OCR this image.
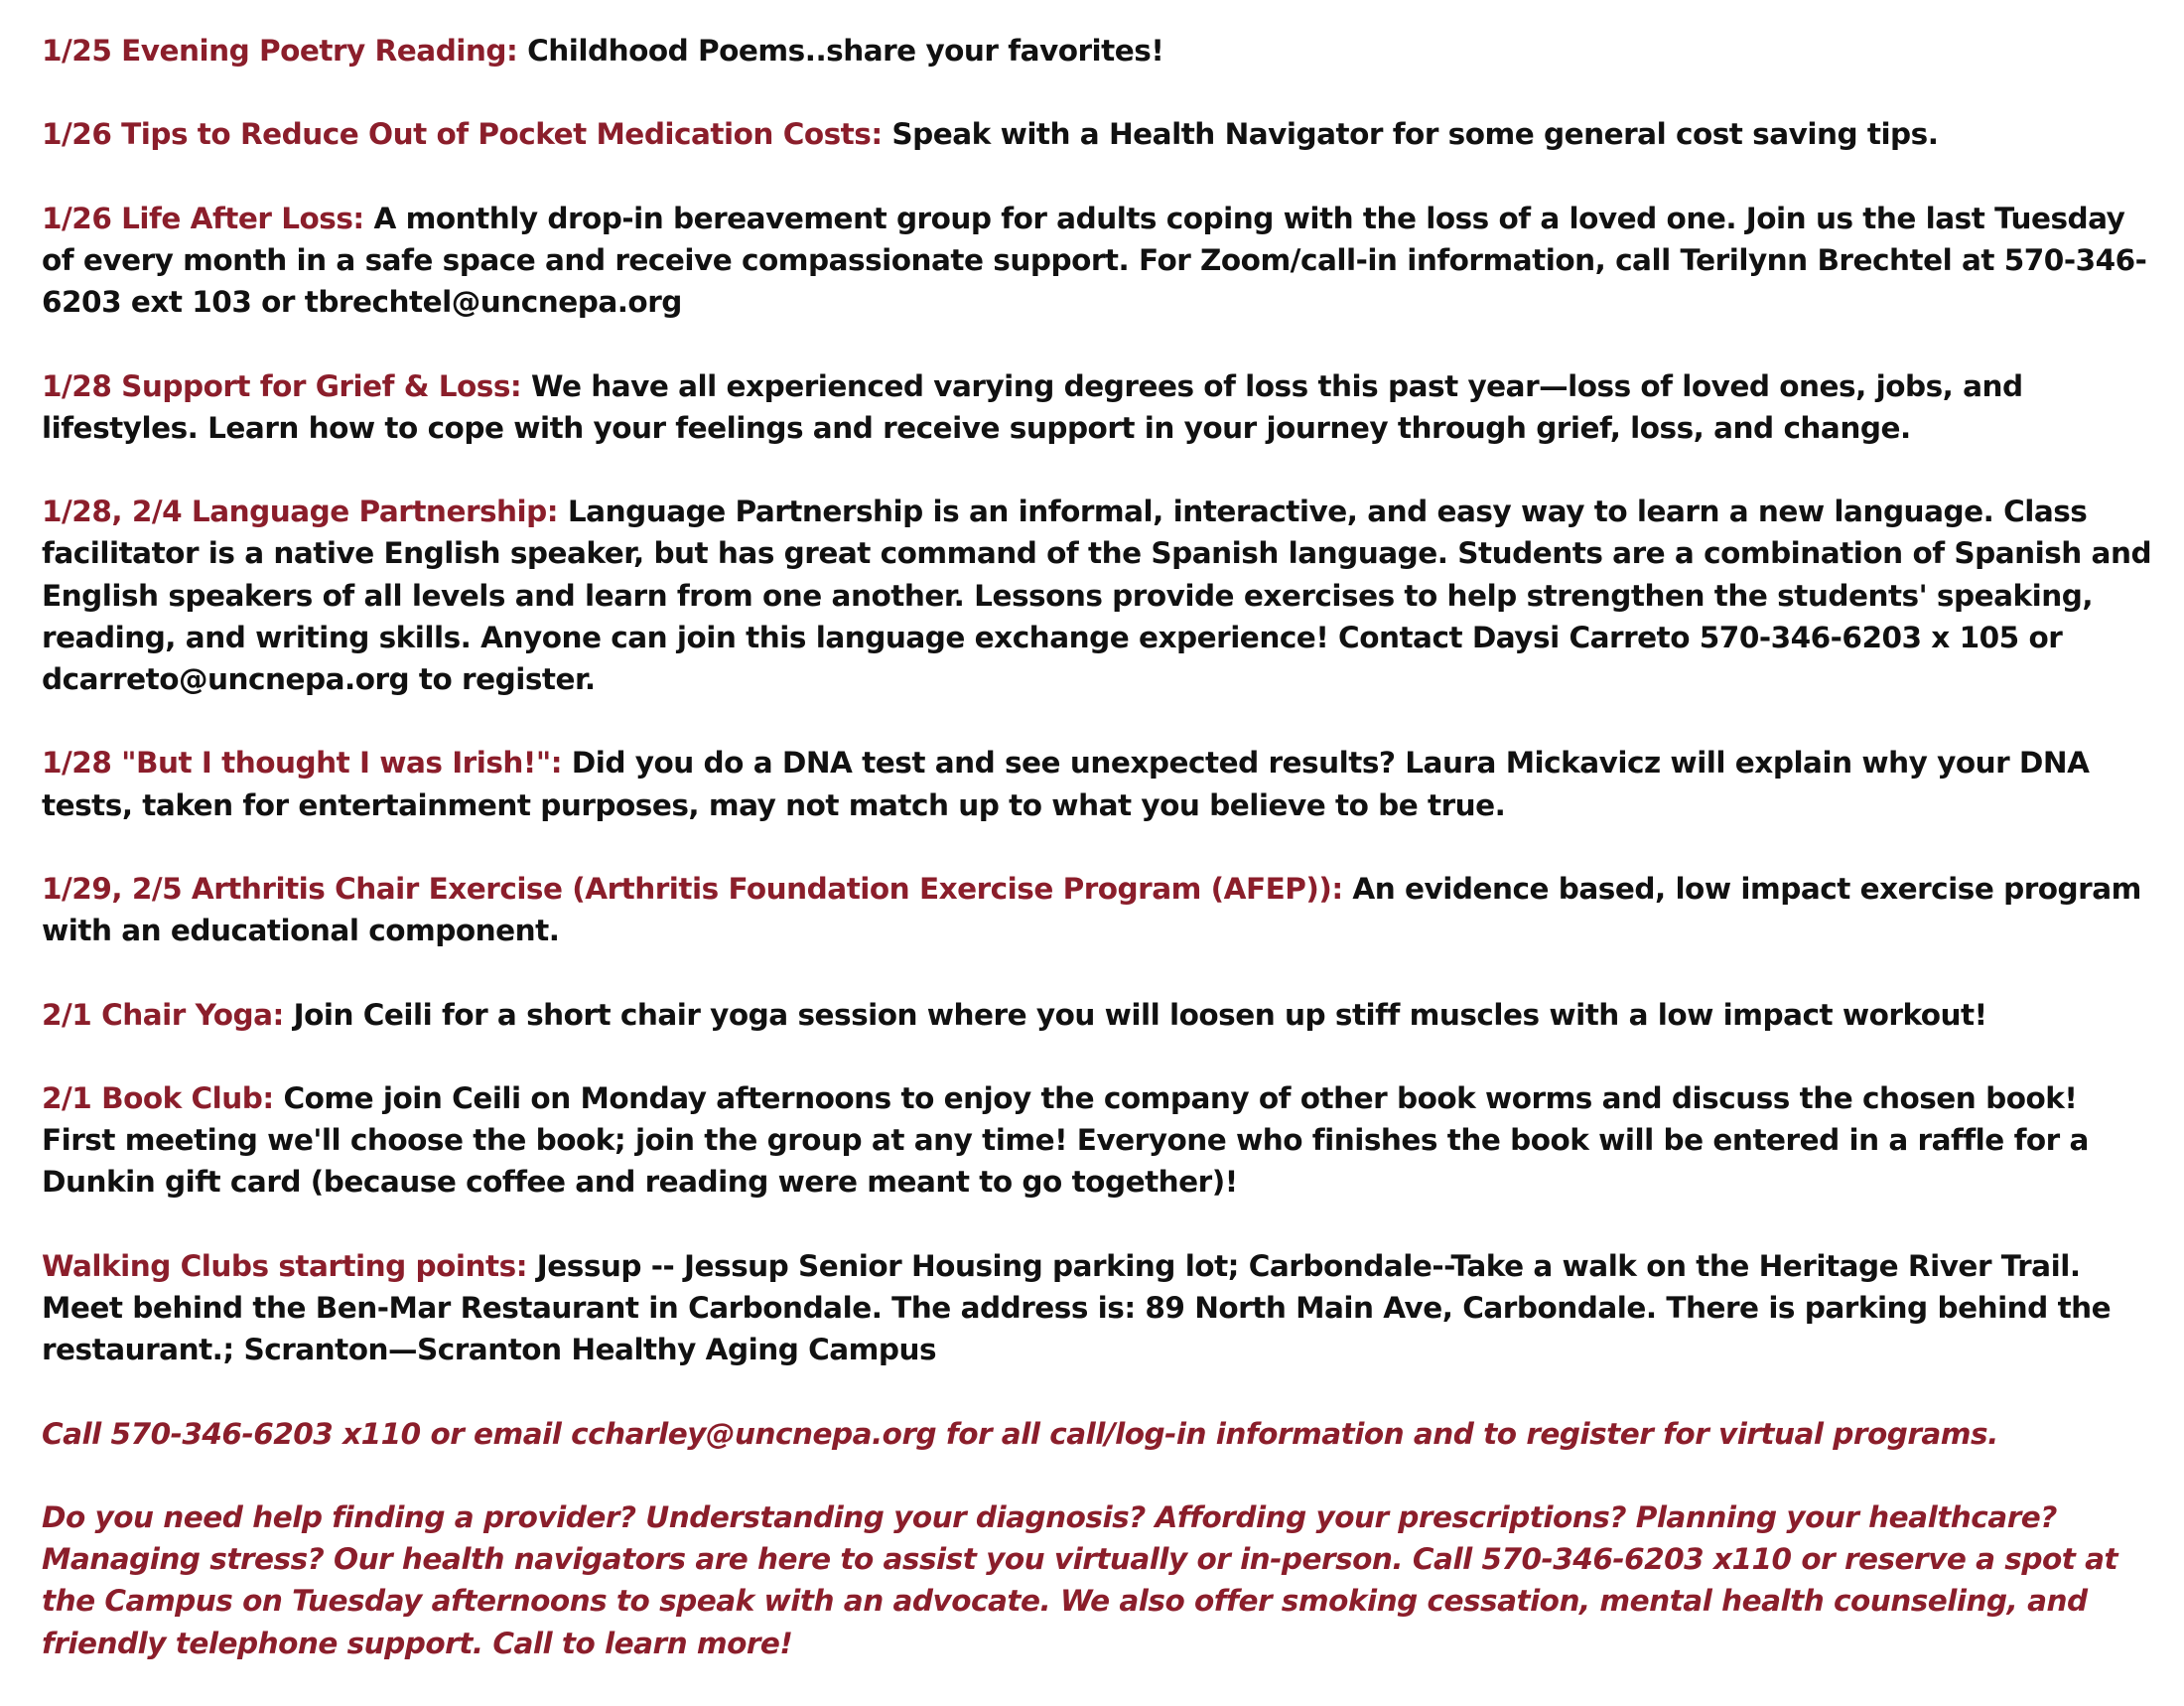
1/25 Evening Poetry Reading: Childhood Poems..share your favorites!

1/26 Tips to Reduce Out of Pocket Medication Costs: Speak with a Health Navigator for some general cost saving tips.

1/26 Life After Loss: A monthly drop-in bereavement group for adults coping with the loss of a loved one. Join us the last Tuesday of every month in a safe space and receive compassionate support. For Zoom/call-in information, call Terilynn Brechtel at 570-346-6203 ext 103 or tbrechtel@uncnepa.org

1/28 Support for Grief & Loss: We have all experienced varying degrees of loss this past year—loss of loved ones, jobs, and lifestyles. Learn how to cope with your feelings and receive support in your journey through grief, loss, and change.

1/28, 2/4 Language Partnership: Language Partnership is an informal, interactive, and easy way to learn a new language. Class facilitator is a native English speaker, but has great command of the Spanish language. Students are a combination of Spanish and English speakers of all levels and learn from one another. Lessons provide exercises to help strengthen the students' speaking, reading, and writing skills. Anyone can join this language exchange experience! Contact Daysi Carreto 570-346-6203 x 105 or dcarreto@uncnepa.org to register.

1/28 "But I thought I was Irish!": Did you do a DNA test and see unexpected results? Laura Mickavicz will explain why your DNA tests, taken for entertainment purposes, may not match up to what you believe to be true.

1/29, 2/5 Arthritis Chair Exercise (Arthritis Foundation Exercise Program (AFEP)): An evidence based, low impact exercise program with an educational component.

2/1 Chair Yoga: Join Ceili for a short chair yoga session where you will loosen up stiff muscles with a low impact workout!

2/1 Book Club: Come join Ceili on Monday afternoons to enjoy the company of other book worms and discuss the chosen book! First meeting we'll choose the book; join the group at any time! Everyone who finishes the book will be entered in a raffle for a Dunkin gift card (because coffee and reading were meant to go together)!

Walking Clubs starting points: Jessup -- Jessup Senior Housing parking lot; Carbondale--Take a walk on the Heritage River Trail. Meet behind the Ben-Mar Restaurant in Carbondale. The address is: 89 North Main Ave, Carbondale. There is parking behind the restaurant.; Scranton—Scranton Healthy Aging Campus

Call 570-346-6203 x110 or email ccharley@uncnepa.org for all call/log-in information and to register for virtual programs.

Do you need help finding a provider? Understanding your diagnosis? Affording your prescriptions? Planning your healthcare? Managing stress? Our health navigators are here to assist you virtually or in-person. Call 570-346-6203 x110 or reserve a spot at the Campus on Tuesday afternoons to speak with an advocate. We also offer smoking cessation, mental health counseling, and friendly telephone support. Call to learn more!
